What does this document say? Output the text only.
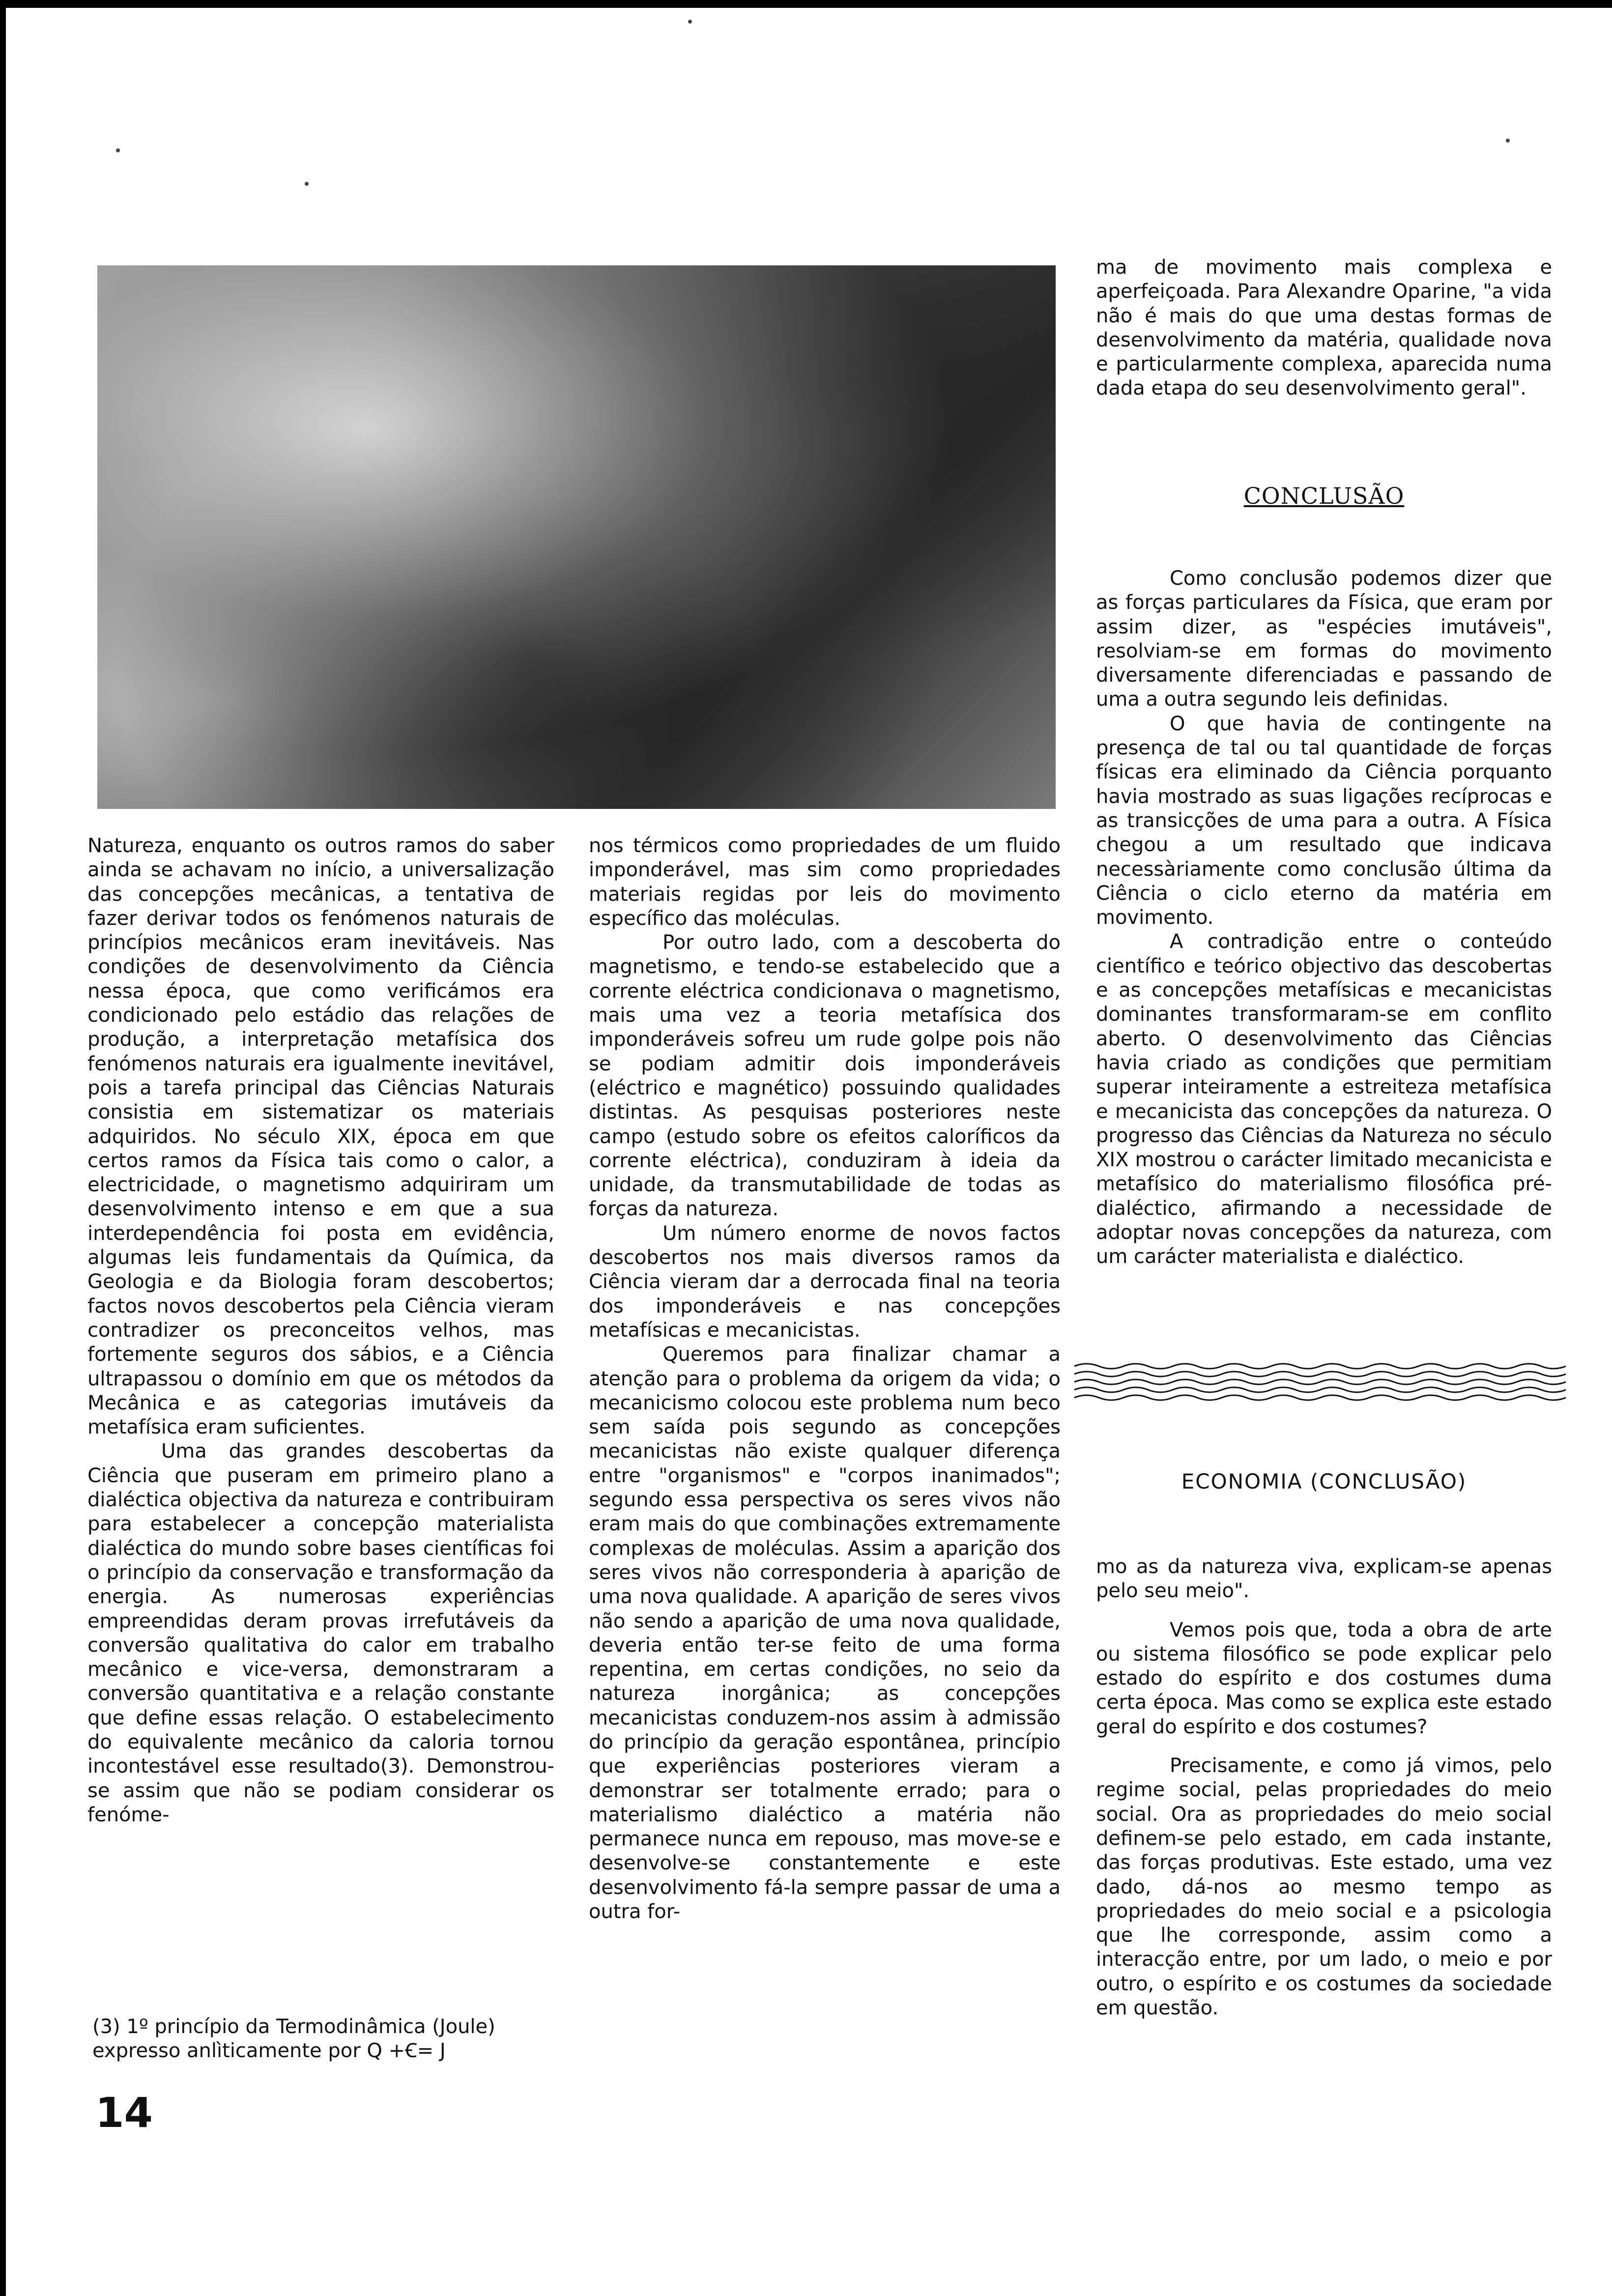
Natureza, enquanto os outros ramos do saber ainda se achavam no início, a universalização das concepções mecânicas, a tentativa de fazer derivar todos os fenómenos naturais de princípios mecânicos eram inevitáveis. Nas condições de desenvolvimento da Ciência nessa época, que como verificámos era condicionado pelo estádio das relações de produção, a interpretação metafísica dos fenómenos naturais era igualmente inevitável, pois a tarefa principal das Ciências Naturais consistia em sistematizar os materiais adquiridos. No século XIX, época em que certos ramos da Física tais como o calor, a electricidade, o magnetismo adquiriram um desenvolvimento intenso e em que a sua interdependência foi posta em evidência, algumas leis fundamentais da Química, da Geologia e da Biologia foram descobertos; factos novos descobertos pela Ciência vieram contradizer os preconceitos velhos, mas fortemente seguros dos sábios, e a Ciência ultrapassou o domínio em que os métodos da Mecânica e as categorias imutáveis da metafísica eram suficientes.

Uma das grandes descobertas da Ciência que puseram em primeiro plano a dialéctica objectiva da natureza e contribuiram para estabelecer a concepção materialista dialéctica do mundo sobre bases científicas foi o princípio da conservação e transformação da energia. As numerosas experiências empreendidas deram provas irrefutáveis da conversão qualitativa do calor em trabalho mecânico e vice-versa, demonstraram a conversão quantitativa e a relação constante que define essas relação. O estabelecimento do equivalente mecânico da caloria tornou incontestável esse resultado(3). Demonstrou-se assim que não se podiam considerar os fenóme-

nos térmicos como propriedades de um fluido imponderável, mas sim como propriedades materiais regidas por leis do movimento específico das moléculas.

Por outro lado, com a descoberta do magnetismo, e tendo-se estabelecido que a corrente eléctrica condicionava o magnetismo, mais uma vez a teoria metafísica dos imponderáveis sofreu um rude golpe pois não se podiam admitir dois imponderáveis (eléctrico e magnético) possuindo qualidades distintas. As pesquisas posteriores neste campo (estudo sobre os efeitos caloríficos da corrente eléctrica), conduziram à ideia da unidade, da transmutabilidade de todas as forças da natureza.

Um número enorme de novos factos descobertos nos mais diversos ramos da Ciência vieram dar a derrocada final na teoria dos imponderáveis e nas concepções metafísicas e mecanicistas.

Queremos para finalizar chamar a atenção para o problema da origem da vida; o mecanicismo colocou este problema num beco sem saída pois segundo as concepções mecanicistas não existe qualquer diferença entre "organismos" e "corpos inanimados"; segundo essa perspectiva os seres vivos não eram mais do que combinações extremamente complexas de moléculas. Assim a aparição dos seres vivos não corresponderia à aparição de uma nova qualidade. A aparição de seres vivos não sendo a aparição de uma nova qualidade, deveria então ter-se feito de uma forma repentina, em certas condições, no seio da natureza inorgânica; as concepções mecanicistas conduzem-nos assim à admissão do princípio da geração espontânea, princípio que experiências posteriores vieram a demonstrar ser totalmente errado; para o materialismo dialéctico a matéria não permanece nunca em repouso, mas move-se e desenvolve-se constantemente e este desenvolvimento fá-la sempre passar de uma a outra for-

ma de movimento mais complexa e aperfeiçoada. Para Alexandre Oparine, "a vida não é mais do que uma destas formas de desenvolvimento da matéria, qualidade nova e particularmente complexa, aparecida numa dada etapa do seu desenvolvimento geral".

CONCLUSÃO

Como conclusão podemos dizer que as forças particulares da Física, que eram por assim dizer, as "espécies imutáveis", resolviam-se em formas do movimento diversamente diferenciadas e passando de uma a outra segundo leis definidas.

O que havia de contingente na presença de tal ou tal quantidade de forças físicas era eliminado da Ciência porquanto havia mostrado as suas ligações recíprocas e as transicções de uma para a outra. A Física chegou a um resultado que indicava necessàriamente como conclusão última da Ciência o ciclo eterno da matéria em movimento.

A contradição entre o conteúdo científico e teórico objectivo das descobertas e as concepções metafísicas e mecanicistas dominantes transformaram-se em conflito aberto. O desenvolvimento das Ciências havia criado as condições que permitiam superar inteiramente a estreiteza metafísica e mecanicista das concepções da natureza. O progresso das Ciências da Natureza no século XIX mostrou o carácter limitado mecanicista e metafísico do materialismo filosófica pré-dialéctico, afirmando a necessidade de adoptar novas concepções da natureza, com um carácter materialista e dialéctico.

ECONOMIA (CONCLUSÃO)

mo as da natureza viva, explicam-se apenas pelo seu meio".

Vemos pois que, toda a obra de arte ou sistema filosófico se pode explicar pelo estado do espírito e dos costumes duma certa época. Mas como se explica este estado geral do espírito e dos costumes?

Precisamente, e como já vimos, pelo regime social, pelas propriedades do meio social. Ora as propriedades do meio social definem-se pelo estado, em cada instante, das forças produtivas. Este estado, uma vez dado, dá-nos ao mesmo tempo as propriedades do meio social e a psicologia que lhe corresponde, assim como a interacção entre, por um lado, o meio e por outro, o espírito e os costumes da sociedade em questão.

(3) 1º princípio da Termodinâmica (Joule)
expresso anlìticamente por Q +Ꞓ= J
14
